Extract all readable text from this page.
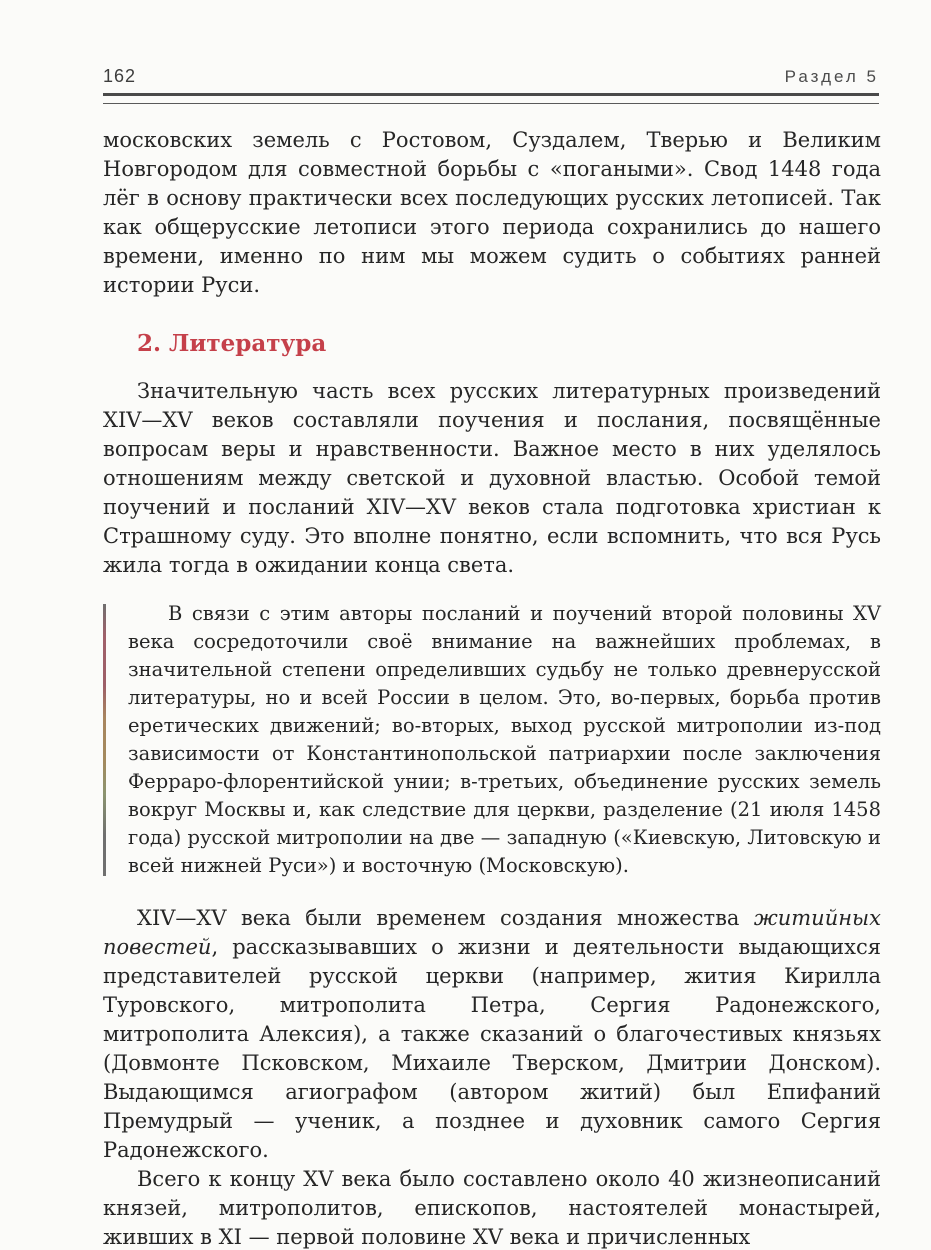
162	Раздел 5

московских земель с Ростовом, Суздалем, Тверью и Великим Новгородом для совместной борьбы с «погаными». Свод 1448 года лёг в основу практически всех последующих русских летописей. Так как общерусские летописи этого периода сохранились до нашего времени, именно по ним мы можем судить о событиях ранней истории Руси.

2. Литература

Значительную часть всех русских литературных произведений XIV—XV веков составляли поучения и послания, посвящённые вопросам веры и нравственности. Важное место в них уделялось отношениям между светской и духовной властью. Особой темой поучений и посланий XIV—XV веков стала подготовка христиан к Страшному суду. Это вполне понятно, если вспомнить, что вся Русь жила тогда в ожидании конца света.

В связи с этим авторы посланий и поучений второй половины XV века сосредоточили своё внимание на важнейших проблемах, в значительной степени определивших судьбу не только древнерусской литературы, но и всей России в целом. Это, во-первых, борьба против еретических движений; во-вторых, выход русской митрополии из-под зависимости от Константинопольской патриархии после заключения Ферраро-флорентийской унии; в-третьих, объединение русских земель вокруг Москвы и, как следствие для церкви, разделение (21 июля 1458 года) русской митрополии на две — западную («Киевскую, Литовскую и всей нижней Руси») и восточную (Московскую).

XIV—XV века были временем создания множества житийных повестей, рассказывавших о жизни и деятельности выдающихся представителей русской церкви (например, жития Кирилла Туровского, митрополита Петра, Сергия Радонежского, митрополита Алексия), а также сказаний о благочестивых князьях (Довмонте Псковском, Михаиле Тверском, Дмитрии Донском). Выдающимся агиографом (автором житий) был Епифаний Премудрый — ученик, а позднее и духовник самого Сергия Радонежского.

Всего к концу XV века было составлено около 40 жизнеописаний князей, митрополитов, епископов, настоятелей монастырей, живших в XI — первой половине XV века и причисленных
